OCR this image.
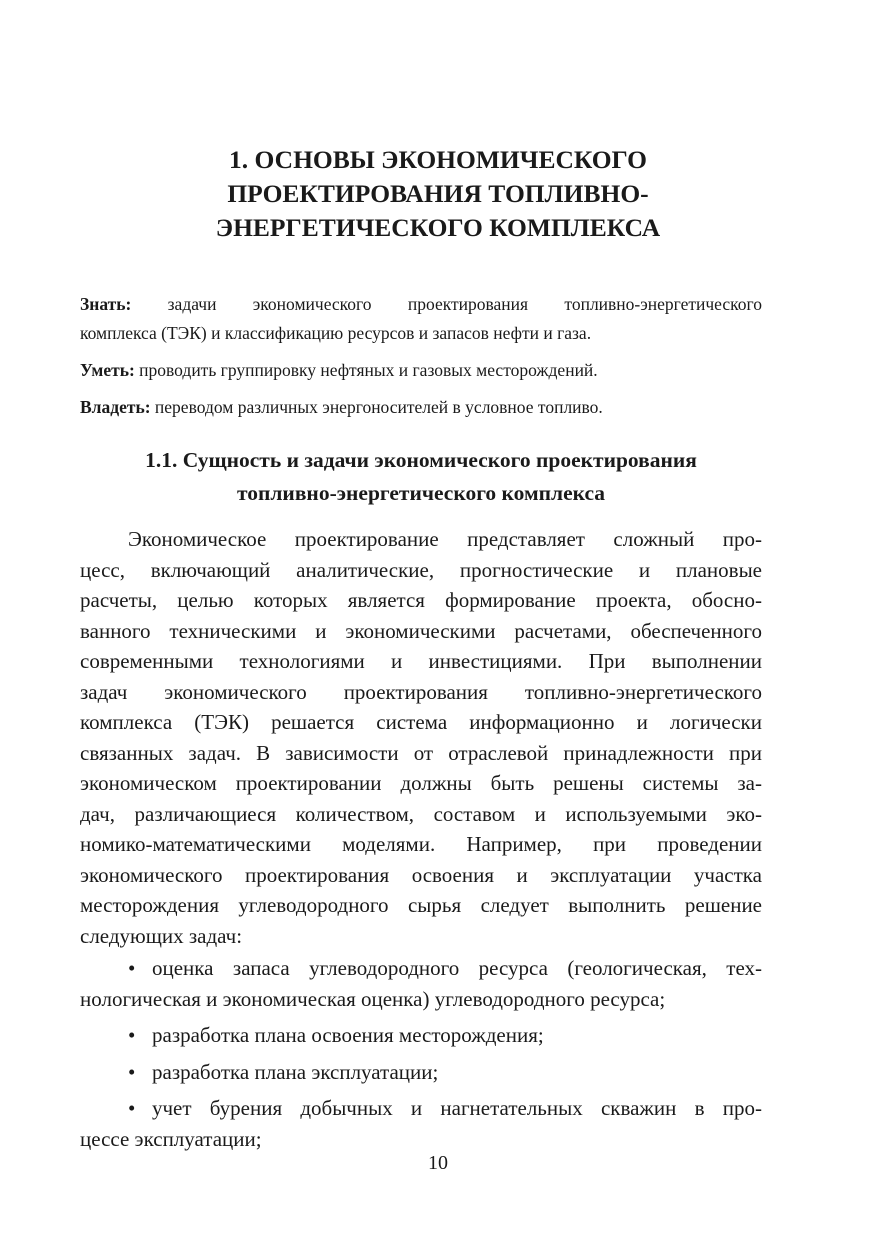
1. ОСНОВЫ ЭКОНОМИЧЕСКОГО
ПРОЕКТИРОВАНИЯ ТОПЛИВНО-
ЭНЕРГЕТИЧЕСКОГО КОМПЛЕКСА

Знать: задачи экономического проектирования топливно-энергетического
комплекса (ТЭК) и классификацию ресурсов и запасов нефти и газа.

Уметь: проводить группировку нефтяных и газовых месторождений.

Владеть: переводом различных энергоносителей в условное топливо.

1.1. Сущность и задачи экономического проектирования
топливно-энергетического комплекса
Экономическое проектирование представляет сложный про-
цесс, включающий аналитические, прогностические и плановые
расчеты, целью которых является формирование проекта, обосно-
ванного техническими и экономическими расчетами, обеспеченного
современными технологиями и инвестициями. При выполнении
задач экономического проектирования топливно-энергетического
комплекса (ТЭК) решается система информационно и логически
связанных задач. В зависимости от отраслевой принадлежности при
экономическом проектировании должны быть решены системы за-
дач, различающиеся количеством, составом и используемыми эко-
номико-математическими моделями. Например, при проведении
экономического проектирования освоения и эксплуатации участка
месторождения углеводородного сырья следует выполнить решение
следующих задач:
• оценка запаса углеводородного ресурса (геологическая, тех-
нологическая и экономическая оценка) углеводородного ресурса;
• разработка плана освоения месторождения;
• разработка плана эксплуатации;
• учет бурения добычных и нагнетательных скважин в про-
цессе эксплуатации;
10
